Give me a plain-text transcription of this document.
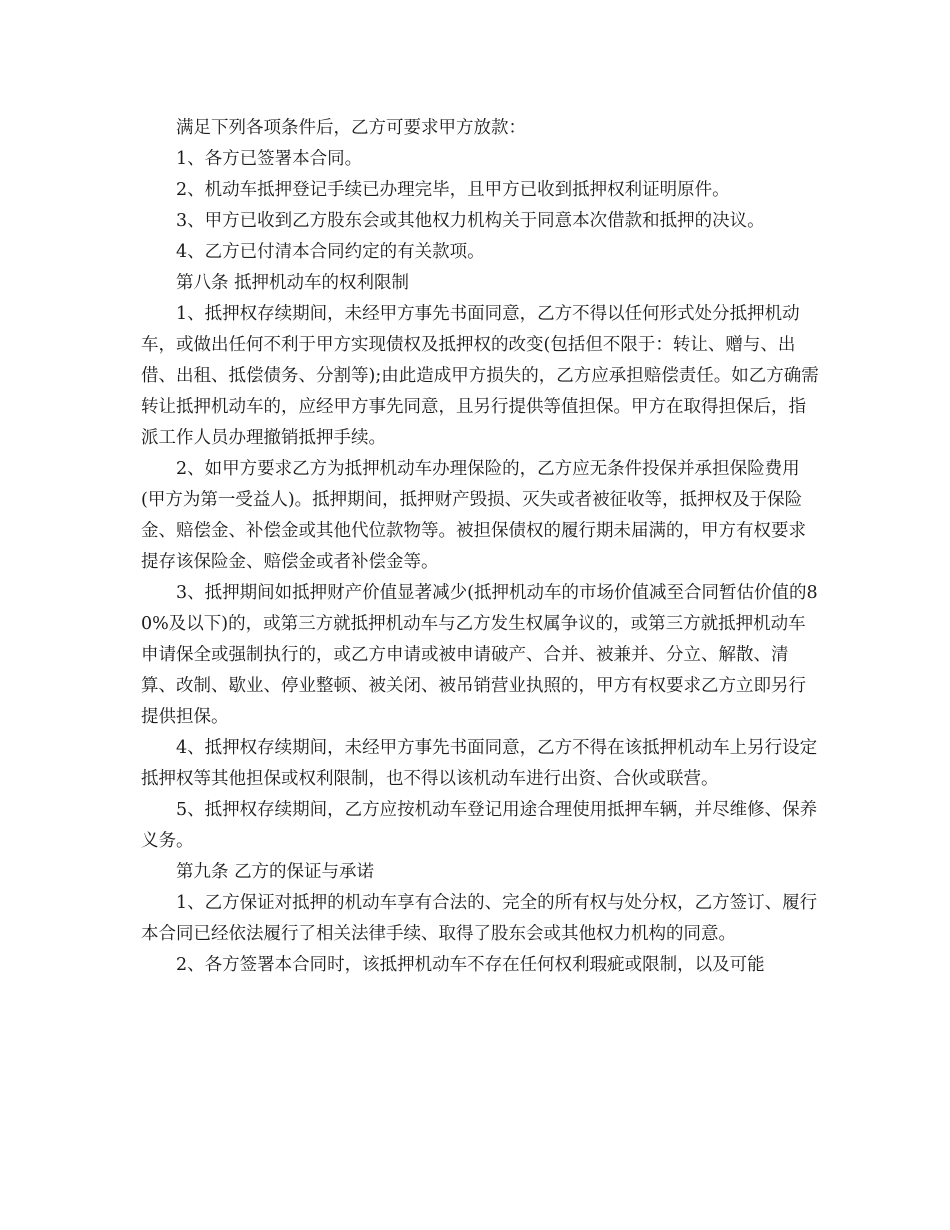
满足下列各项条件后，乙方可要求甲方放款：

1、各方已签署本合同。

2、机动车抵押登记手续已办理完毕，且甲方已收到抵押权利证明原件。

3、甲方已收到乙方股东会或其他权力机构关于同意本次借款和抵押的决议。

4、乙方已付清本合同约定的有关款项。

第八条 抵押机动车的权利限制

1、抵押权存续期间，未经甲方事先书面同意，乙方不得以任何形式处分抵押机动车，或做出任何不利于甲方实现债权及抵押权的改变(包括但不限于：转让、赠与、出借、出租、抵偿债务、分割等);由此造成甲方损失的，乙方应承担赔偿责任。如乙方确需转让抵押机动车的，应经甲方事先同意，且另行提供等值担保。甲方在取得担保后，指派工作人员办理撤销抵押手续。

2、如甲方要求乙方为抵押机动车办理保险的，乙方应无条件投保并承担保险费用(甲方为第一受益人)。抵押期间，抵押财产毁损、灭失或者被征收等，抵押权及于保险金、赔偿金、补偿金或其他代位款物等。被担保债权的履行期未届满的，甲方有权要求提存该保险金、赔偿金或者补偿金等。

3、抵押期间如抵押财产价值显著减少(抵押机动车的市场价值减至合同暂估价值的80%及以下)的，或第三方就抵押机动车与乙方发生权属争议的，或第三方就抵押机动车申请保全或强制执行的，或乙方申请或被申请破产、合并、被兼并、分立、解散、清算、改制、歇业、停业整顿、被关闭、被吊销营业执照的，甲方有权要求乙方立即另行提供担保。

4、抵押权存续期间，未经甲方事先书面同意，乙方不得在该抵押机动车上另行设定抵押权等其他担保或权利限制，也不得以该机动车进行出资、合伙或联营。

5、抵押权存续期间，乙方应按机动车登记用途合理使用抵押车辆，并尽维修、保养义务。

第九条 乙方的保证与承诺

1、乙方保证对抵押的机动车享有合法的、完全的所有权与处分权，乙方签订、履行本合同已经依法履行了相关法律手续、取得了股东会或其他权力机构的同意。

2、各方签署本合同时，该抵押机动车不存在任何权利瑕疵或限制，以及可能
